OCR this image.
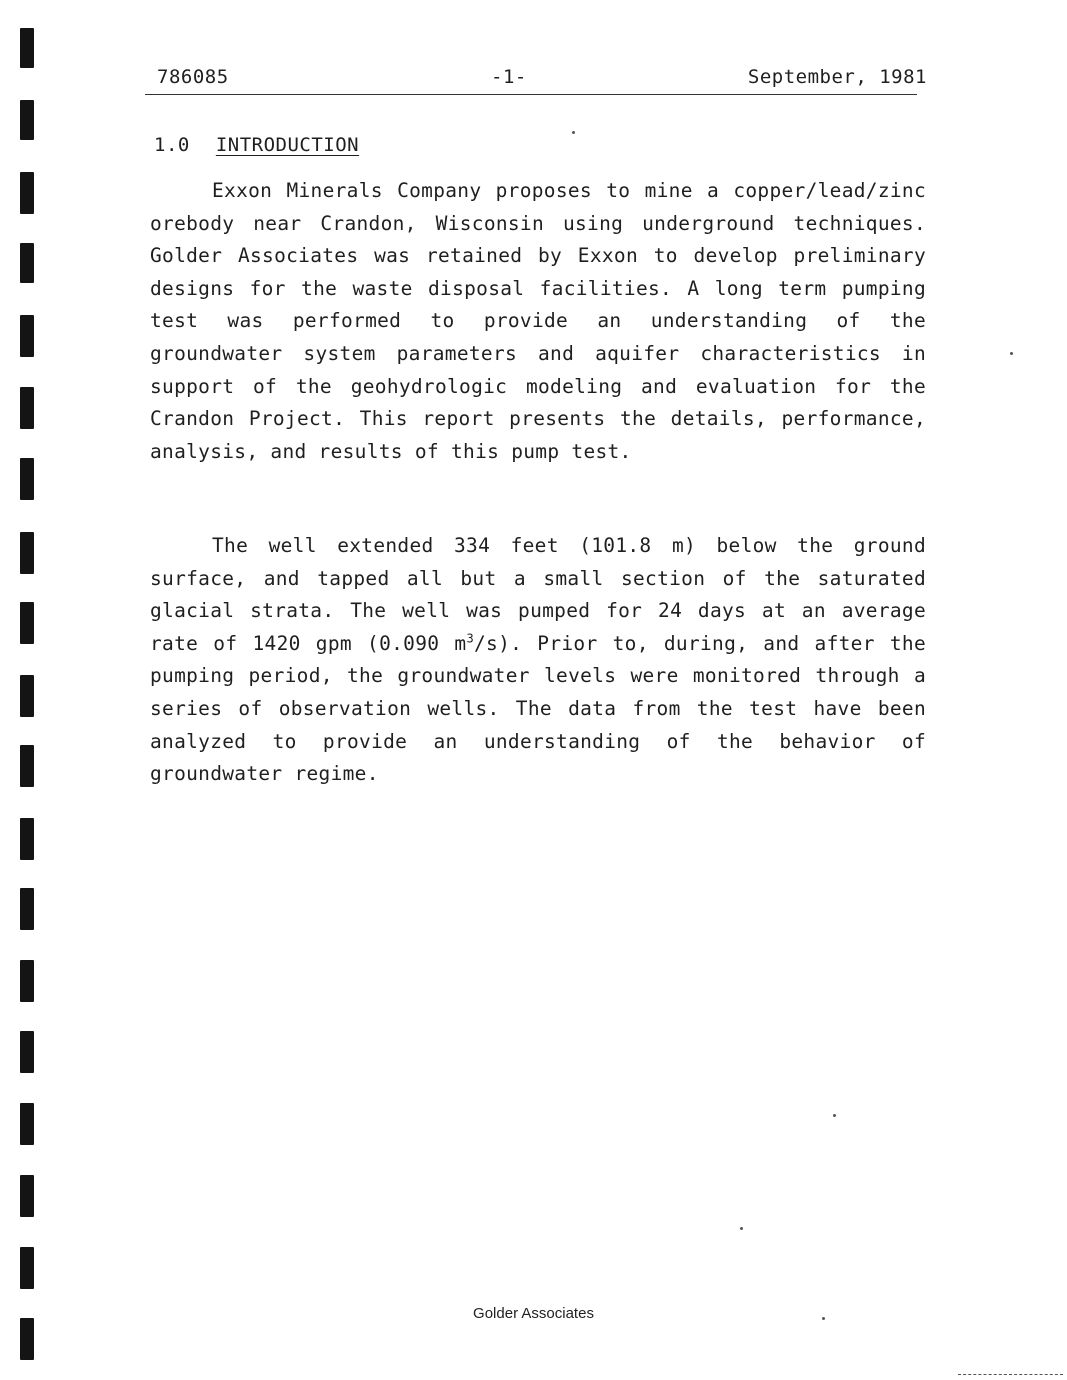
786085	-1-	September, 1981
1.0 INTRODUCTION

Exxon Minerals Company proposes to mine a copper/lead/zinc orebody near Crandon, Wisconsin using underground techniques. Golder Associates was retained by Exxon to develop preliminary designs for the waste disposal facilities. A long term pumping test was performed to provide an understanding of the groundwater system parameters and aquifer characteristics in support of the geohydrologic modeling and evaluation for the Crandon Project. This report presents the details, performance, analysis, and results of this pump test.

The well extended 334 feet (101.8 m) below the ground surface, and tapped all but a small section of the saturated glacial strata. The well was pumped for 24 days at an average rate of 1420 gpm (0.090 $m^3/s$). Prior to, during, and after the pumping period, the groundwater levels were monitored through a series of observation wells. The data from the test have been analyzed to provide an understanding of the behavior of groundwater regime.

Golder Associates
